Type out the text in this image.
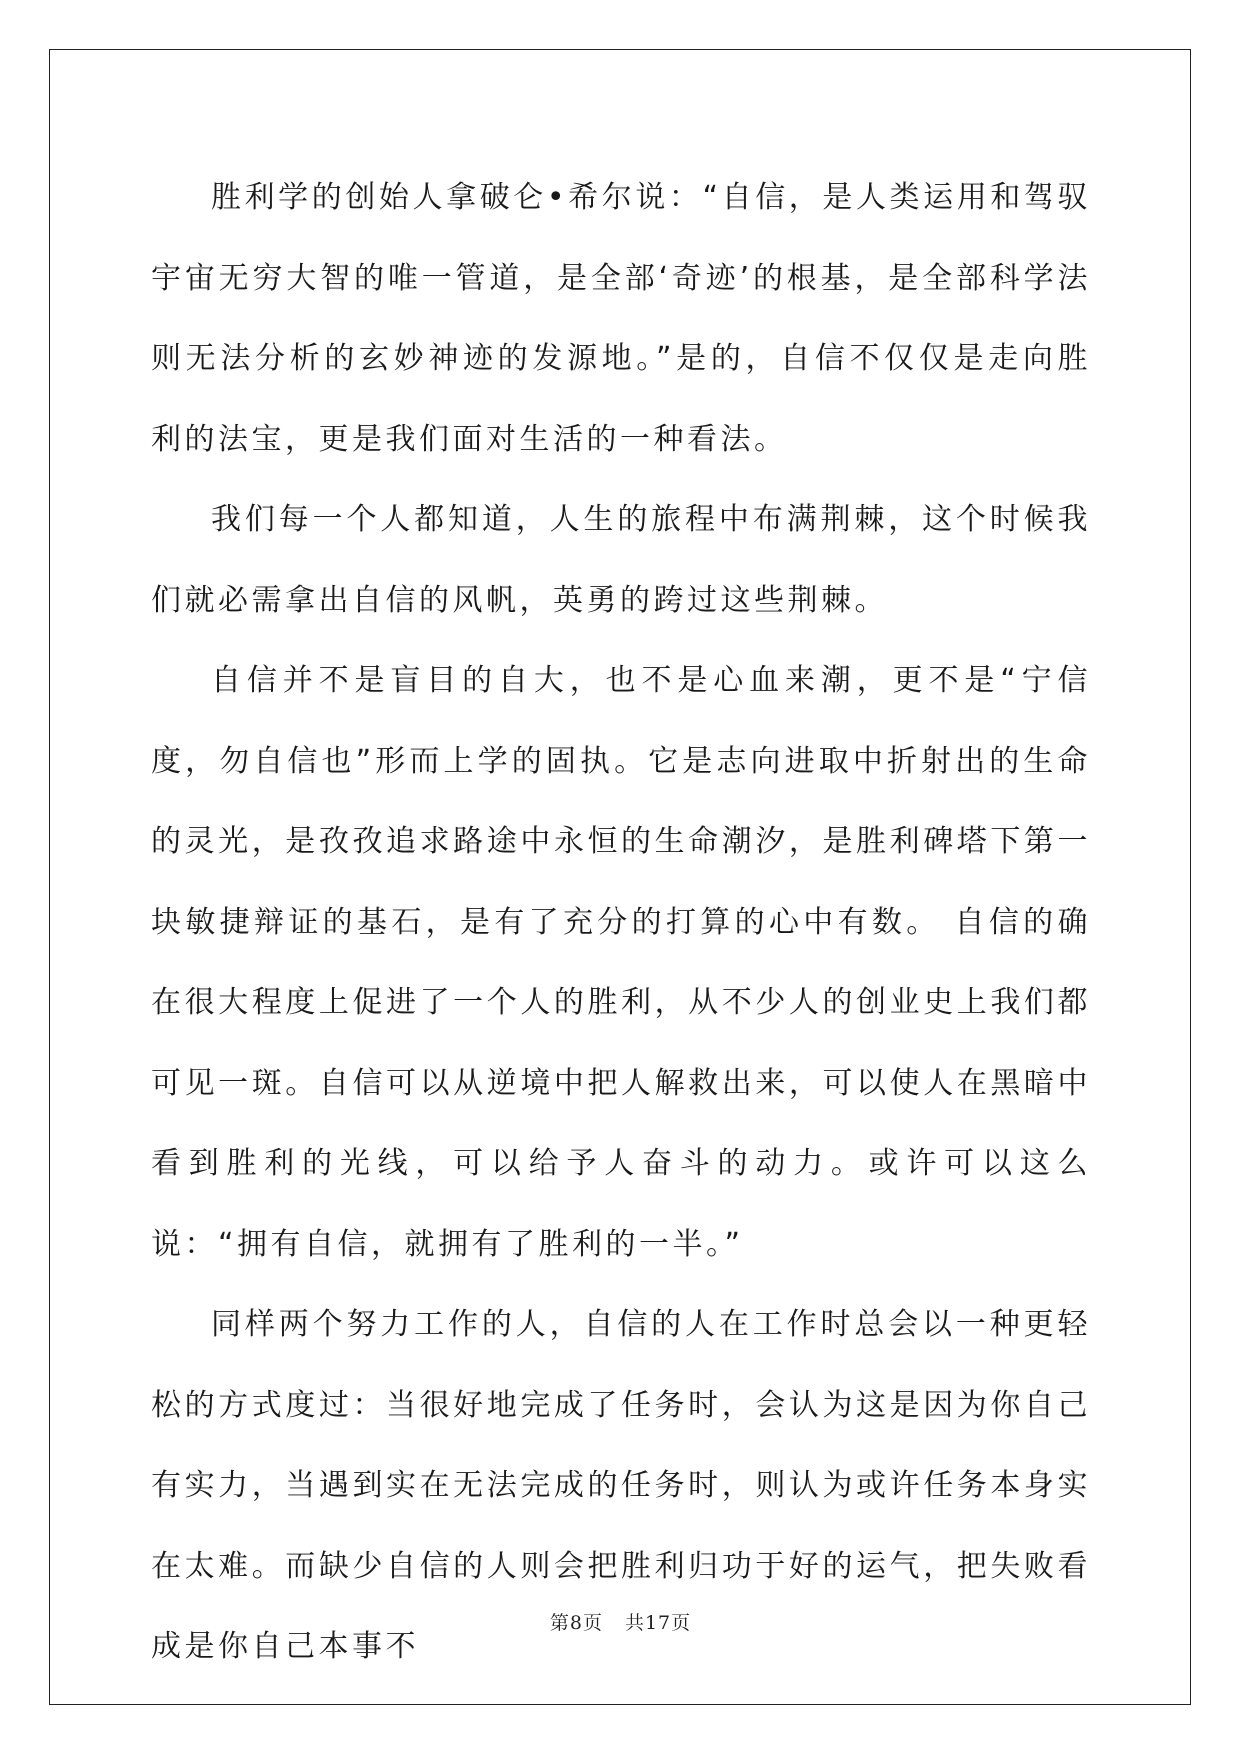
胜利学的创始人拿破仑•希尔说：“自信，是人类运用和驾驭宇宙无穷大智的唯一管道，是全部‘奇迹’的根基，是全部科学法则无法分析的玄妙神迹的发源地。”是的，自信不仅仅是走向胜利的法宝，更是我们面对生活的一种看法。

我们每一个人都知道，人生的旅程中布满荆棘，这个时候我们就必需拿出自信的风帆，英勇的跨过这些荆棘。

自信并不是盲目的自大，也不是心血来潮，更不是“宁信度，勿自信也”形而上学的固执。它是志向进取中折射出的生命的灵光，是孜孜追求路途中永恒的生命潮汐，是胜利碑塔下第一块敏捷辩证的基石，是有了充分的打算的心中有数。 自信的确在很大程度上促进了一个人的胜利，从不少人的创业史上我们都可见一斑。自信可以从逆境中把人解救出来，可以使人在黑暗中看到胜利的光线，可以给予人奋斗的动力。或许可以这么说：“拥有自信，就拥有了胜利的一半。”

同样两个努力工作的人，自信的人在工作时总会以一种更轻松的方式度过：当很好地完成了任务时，会认为这是因为你自己有实力，当遇到实在无法完成的任务时，则认为或许任务本身实在太难。而缺少自信的人则会把胜利归功于好的运气，把失败看成是你自己本事不

第8页 共17页
